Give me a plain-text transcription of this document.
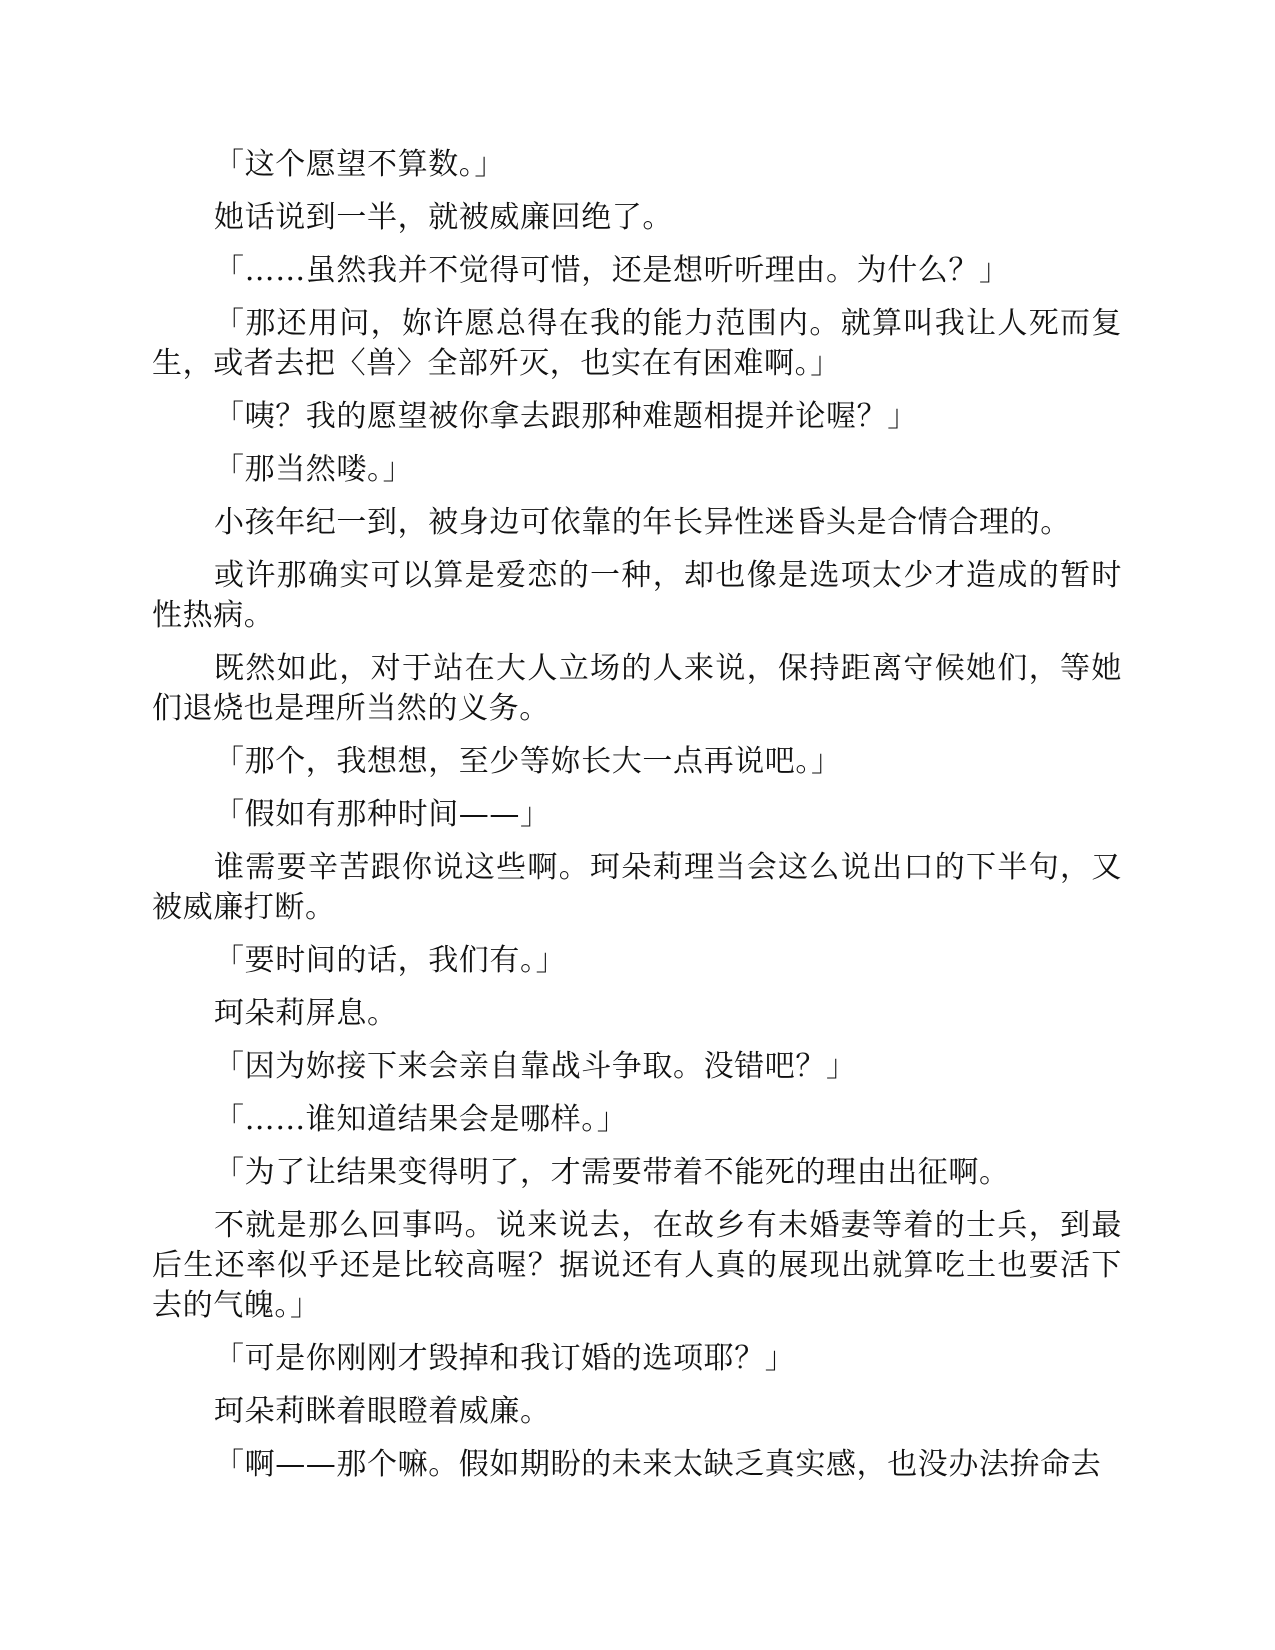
「这个愿望不算数。」

她话说到一半，就被威廉回绝了。

「……虽然我并不觉得可惜，还是想听听理由。为什么？」

「那还用问，妳许愿总得在我的能力范围内。就算叫我让人死而复生，或者去把〈兽〉全部歼灭，也实在有困难啊。」

「咦？我的愿望被你拿去跟那种难题相提并论喔？」

「那当然喽。」

小孩年纪一到，被身边可依靠的年长异性迷昏头是合情合理的。

或许那确实可以算是爱恋的一种，却也像是选项太少才造成的暂时性热病。

既然如此，对于站在大人立场的人来说，保持距离守候她们，等她们退烧也是理所当然的义务。

「那个，我想想，至少等妳长大一点再说吧。」

「假如有那种时间——」

谁需要辛苦跟你说这些啊。珂朵莉理当会这么说出口的下半句，又被威廉打断。

「要时间的话，我们有。」

珂朵莉屏息。

「因为妳接下来会亲自靠战斗争取。没错吧？」

「……谁知道结果会是哪样。」

「为了让结果变得明了，才需要带着不能死的理由出征啊。

不就是那么回事吗。说来说去，在故乡有未婚妻等着的士兵，到最后生还率似乎还是比较高喔？据说还有人真的展现出就算吃土也要活下去的气魄。」

「可是你刚刚才毁掉和我订婚的选项耶？」

珂朵莉眯着眼瞪着威廉。

「啊——那个嘛。假如期盼的未来太缺乏真实感，也没办法拚命去
